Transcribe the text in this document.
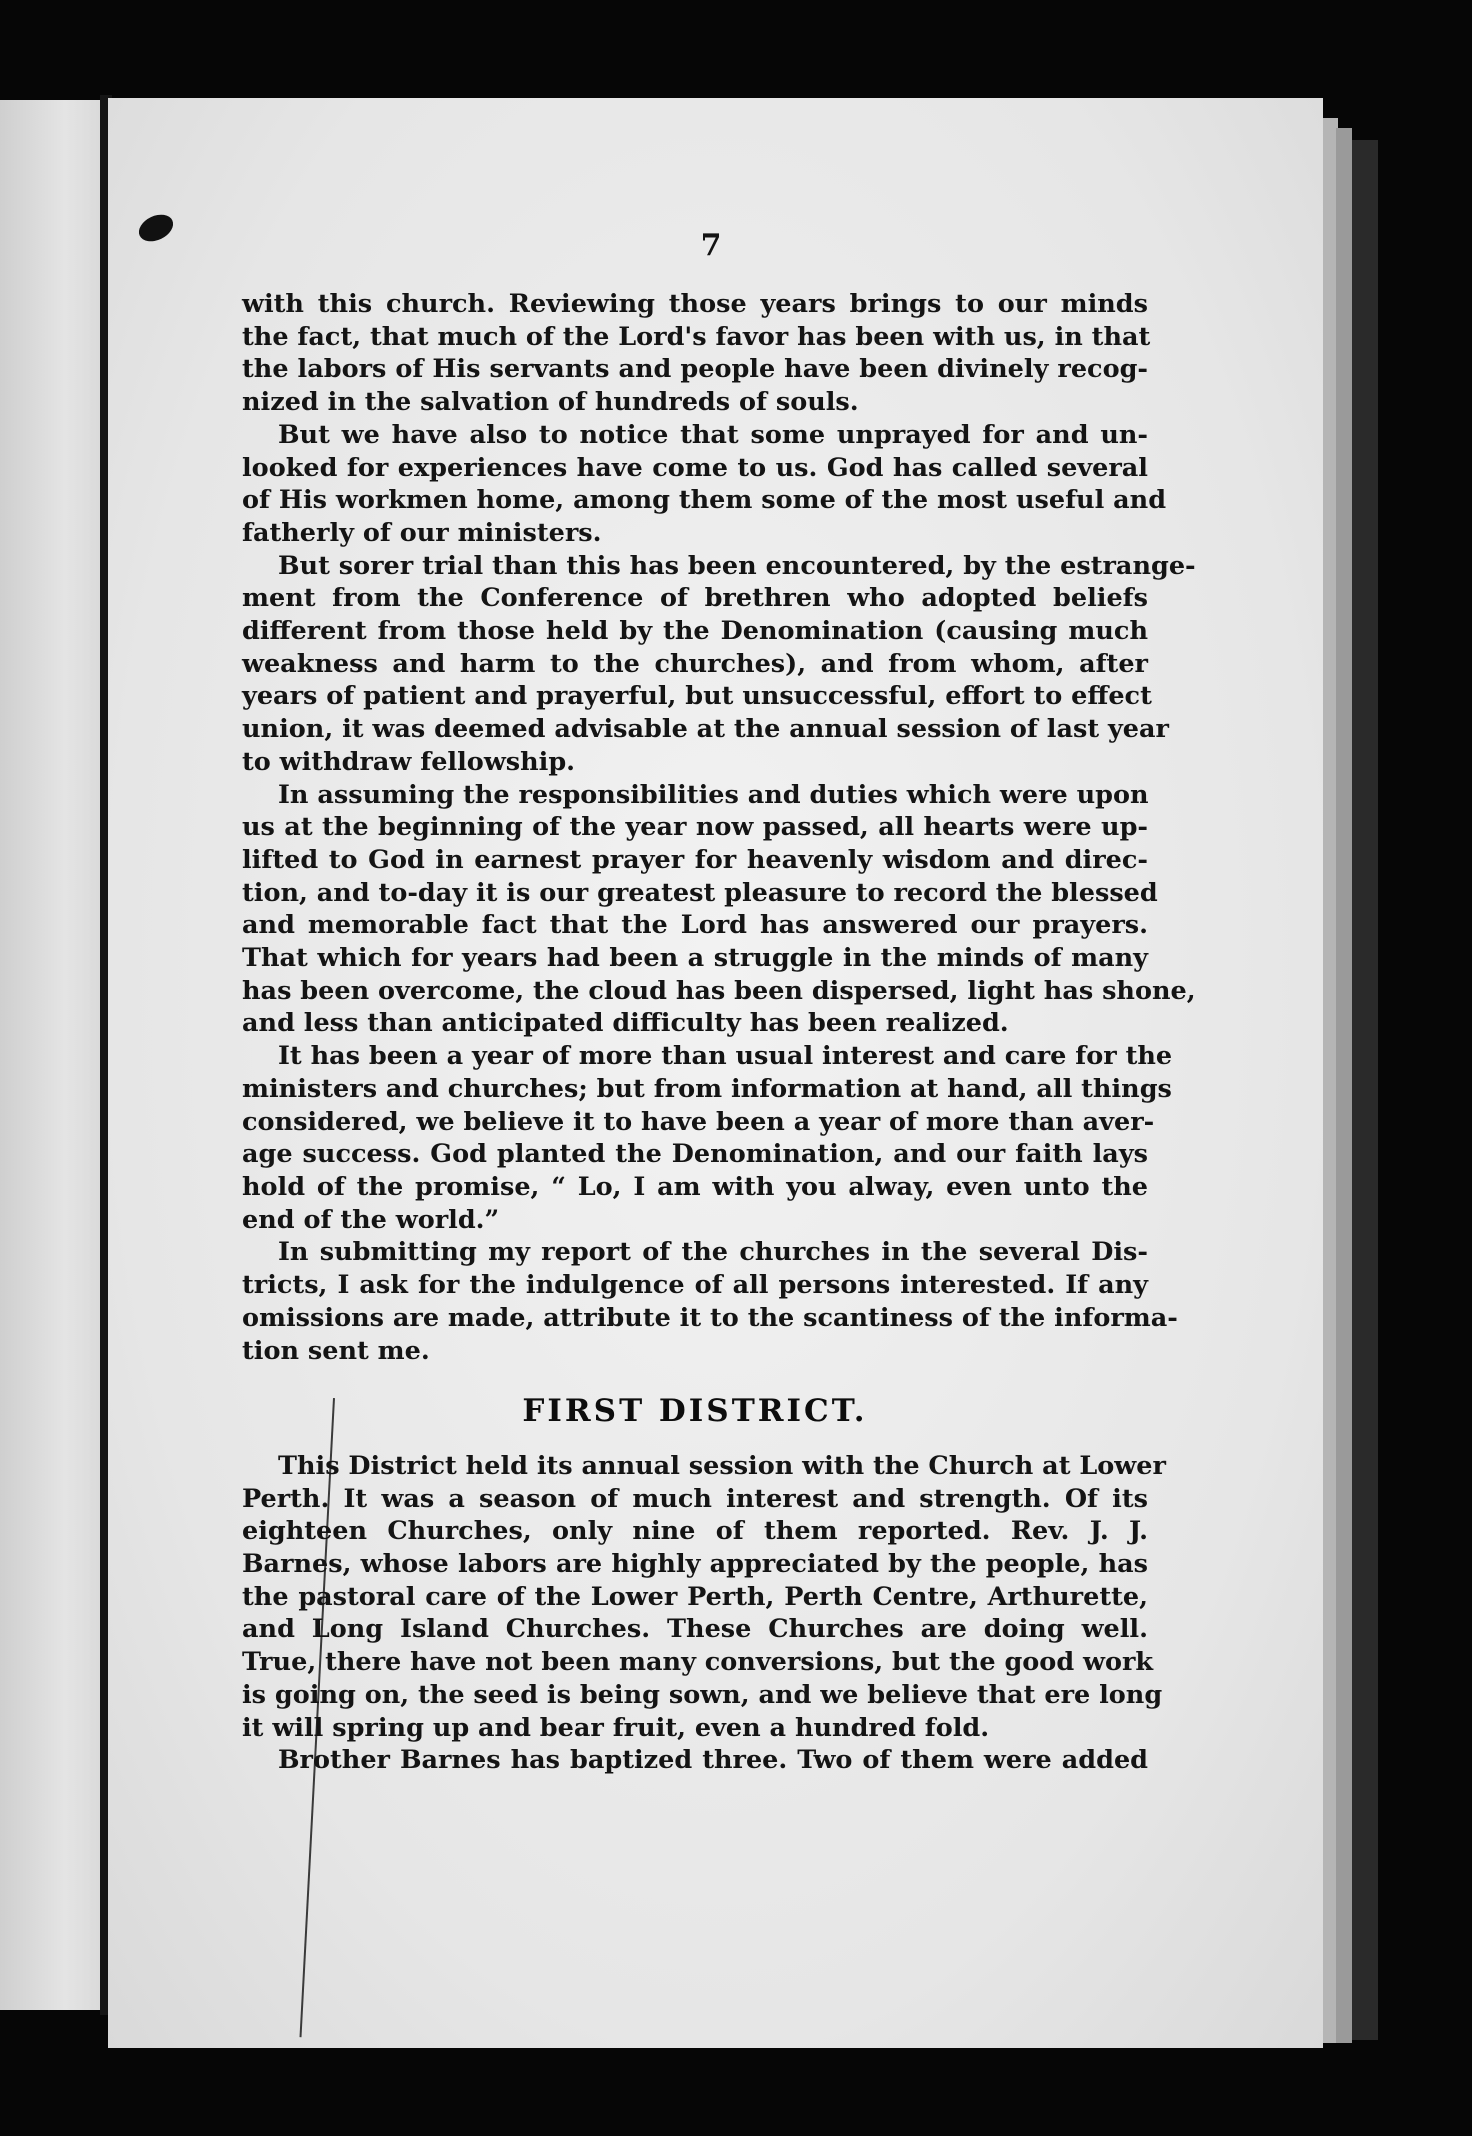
7

with this church. Reviewing those years brings to our minds

the fact, that much of the Lord's favor has been with us, in that

the labors of His servants and people have been divinely recog-

nized in the salvation of hundreds of souls.

But we have also to notice that some unprayed for and un-

looked for experiences have come to us. God has called several

of His workmen home, among them some of the most useful and

fatherly of our ministers.

But sorer trial than this has been encountered, by the estrange-

ment from the Conference of brethren who adopted beliefs

different from those held by the Denomination (causing much

weakness and harm to the churches), and from whom, after

years of patient and prayerful, but unsuccessful, effort to effect

union, it was deemed advisable at the annual session of last year

to withdraw fellowship.

In assuming the responsibilities and duties which were upon

us at the beginning of the year now passed, all hearts were up-

lifted to God in earnest prayer for heavenly wisdom and direc-

tion, and to-day it is our greatest pleasure to record the blessed

and memorable fact that the Lord has answered our prayers.

That which for years had been a struggle in the minds of many

has been overcome, the cloud has been dispersed, light has shone,

and less than anticipated difficulty has been realized.

It has been a year of more than usual interest and care for the

ministers and churches; but from information at hand, all things

considered, we believe it to have been a year of more than aver-

age success. God planted the Denomination, and our faith lays

hold of the promise, “ Lo, I am with you alway, even unto the

end of the world.”

In submitting my report of the churches in the several Dis-

tricts, I ask for the indulgence of all persons interested. If any

omissions are made, attribute it to the scantiness of the informa-

tion sent me.

FIRST DISTRICT.

This District held its annual session with the Church at Lower

Perth. It was a season of much interest and strength. Of its

eighteen Churches, only nine of them reported. Rev. J. J.

Barnes, whose labors are highly appreciated by the people, has

the pastoral care of the Lower Perth, Perth Centre, Arthurette,

and Long Island Churches. These Churches are doing well.

True, there have not been many conversions, but the good work

is going on, the seed is being sown, and we believe that ere long

it will spring up and bear fruit, even a hundred fold.

Brother Barnes has baptized three. Two of them were added
